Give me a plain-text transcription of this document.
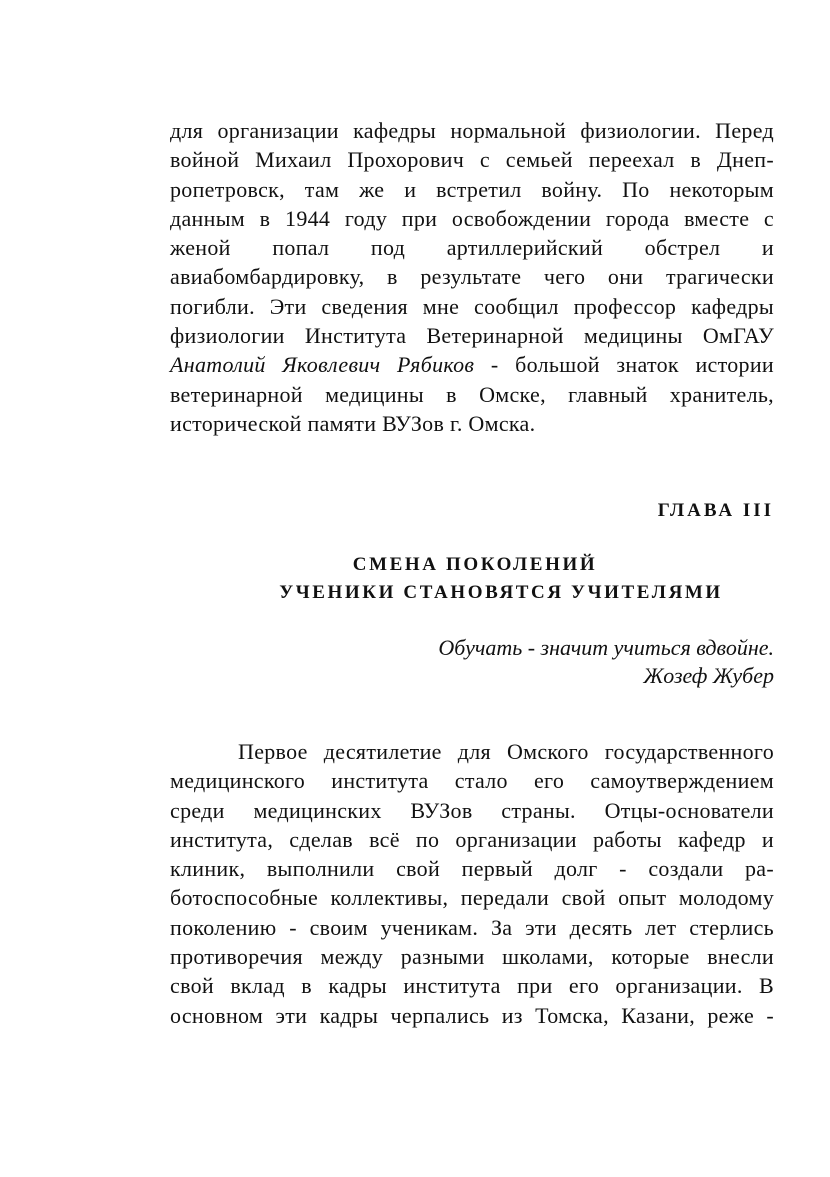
для организации кафедры нормальной физиологии. Перед
войной Михаил Прохорович с семьей переехал в Днеп-
ропетровск, там же и встретил войну. По некоторым
данным в 1944 году при освобождении города вместе с
женой попал под артиллерийский обстрел и
авиабомбардировку, в результате чего они трагически
погибли. Эти сведения мне сообщил профессор кафедры
физиологии Института Ветеринарной медицины ОмГАУ
Анатолий Яковлевич Рябиков - большой знаток истории
ветеринарной медицины в Омске, главный хранитель,
исторической памяти ВУЗов г. Омска.
ГЛАВА III
СМЕНА ПОКОЛЕНИЙ
УЧЕНИКИ СТАНОВЯТСЯ УЧИТЕЛЯМИ
Обучать - значит учиться вдвойне.
Жозеф Жубер
Первое десятилетие для Омского государственного
медицинского института стало его самоутверждением
среди медицинских ВУЗов страны. Отцы-основатели
института, сделав всё по организации работы кафедр и
клиник, выполнили свой первый долг - создали ра-
ботоспособные коллективы, передали свой опыт молодому
поколению - своим ученикам. За эти десять лет стерлись
противоречия между разными школами, которые внесли
свой вклад в кадры института при его организации. В
основном эти кадры черпались из Томска, Казани, реже -
